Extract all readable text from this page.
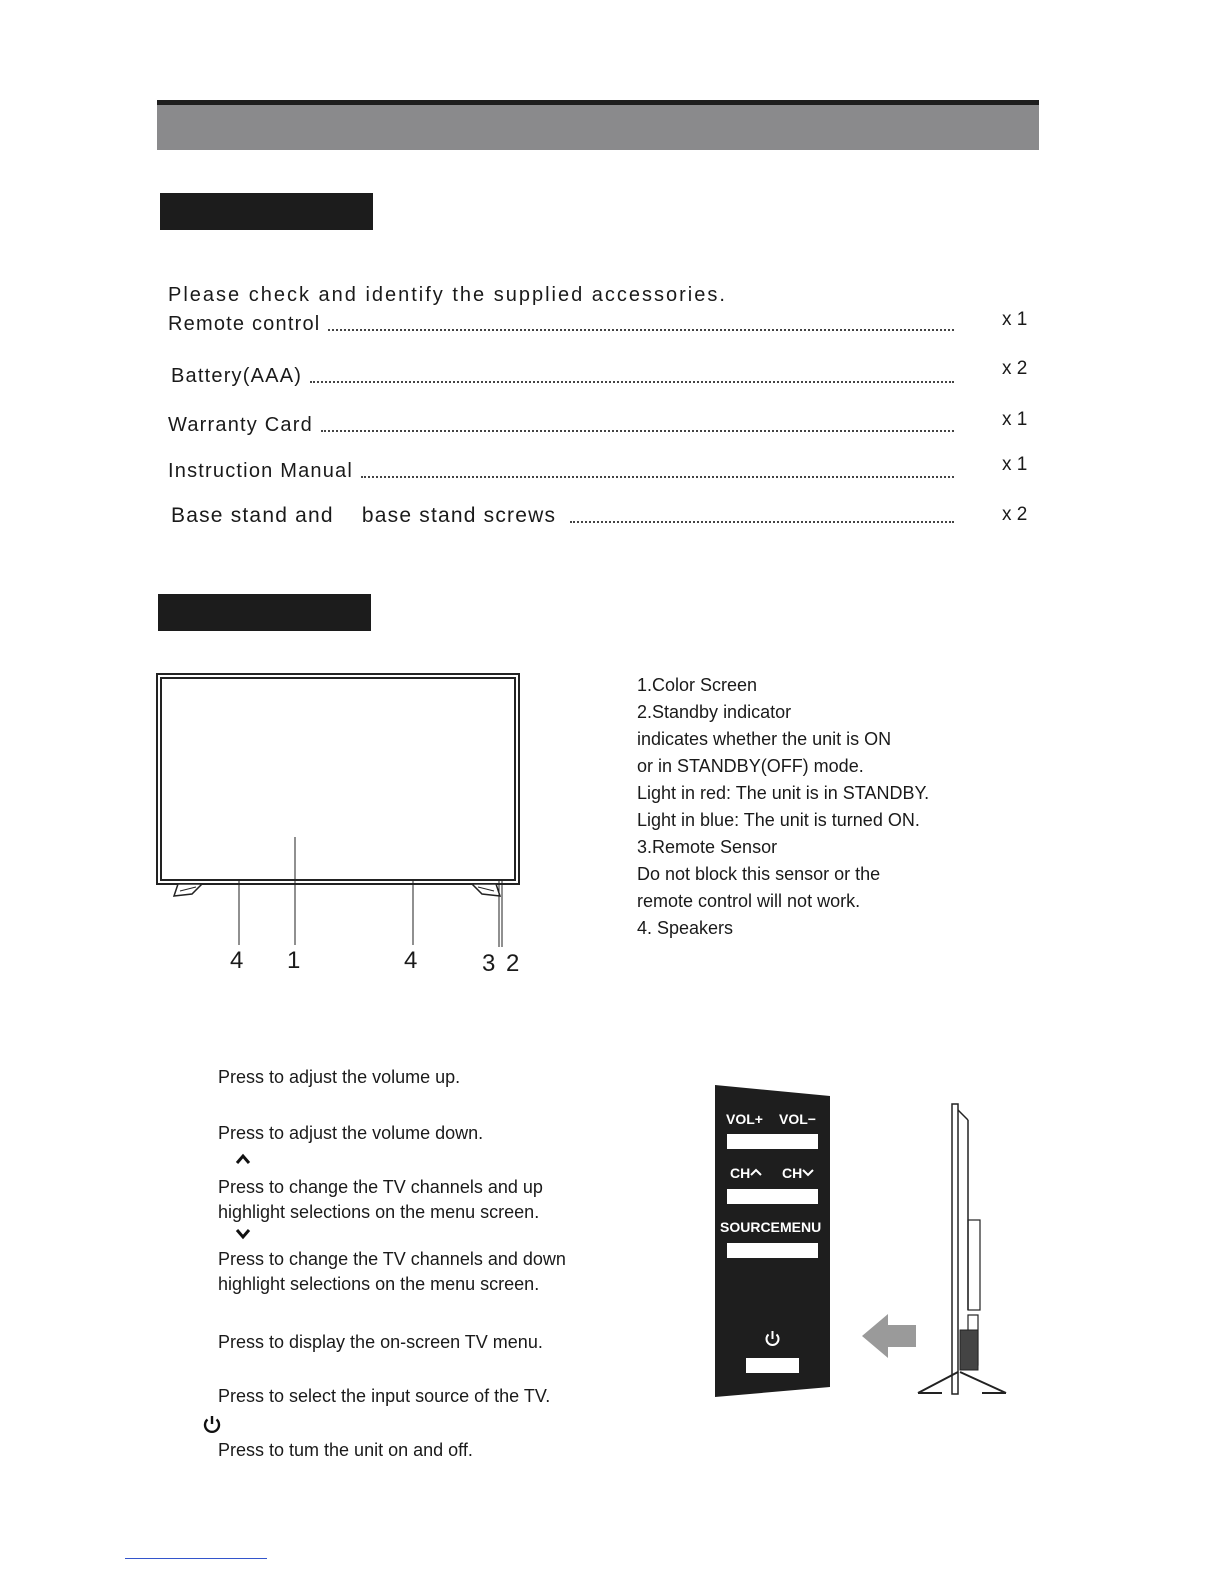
Please check and identify the supplied accessories.
Remote control	x 1
Battery(AAA)	x 2
Warranty Card	x 1
Instruction Manual	x 1
Base stand and    base stand screws	x 2
4 1	4	3 2
1.Color Screen
2.Standby indicator
indicates whether the unit is ON
or in STANDBY(OFF) mode.
Light in red: The unit is in STANDBY.
Light in blue: The unit is turned ON.
3.Remote Sensor
Do not block this sensor or the
remote control will not work.
4. Speakers
Press to adjust the volume up.
Press to adjust the volume down.
Press to change the TV channels and up
highlight selections on the menu screen.
Press to change the TV channels and down
highlight selections on the menu screen.
Press to display the on-screen TV menu.
Press to select the input source of the TV.
Press to tum the unit on and off.
VOL+ VOL−
CH CH
SOURCE MENU
